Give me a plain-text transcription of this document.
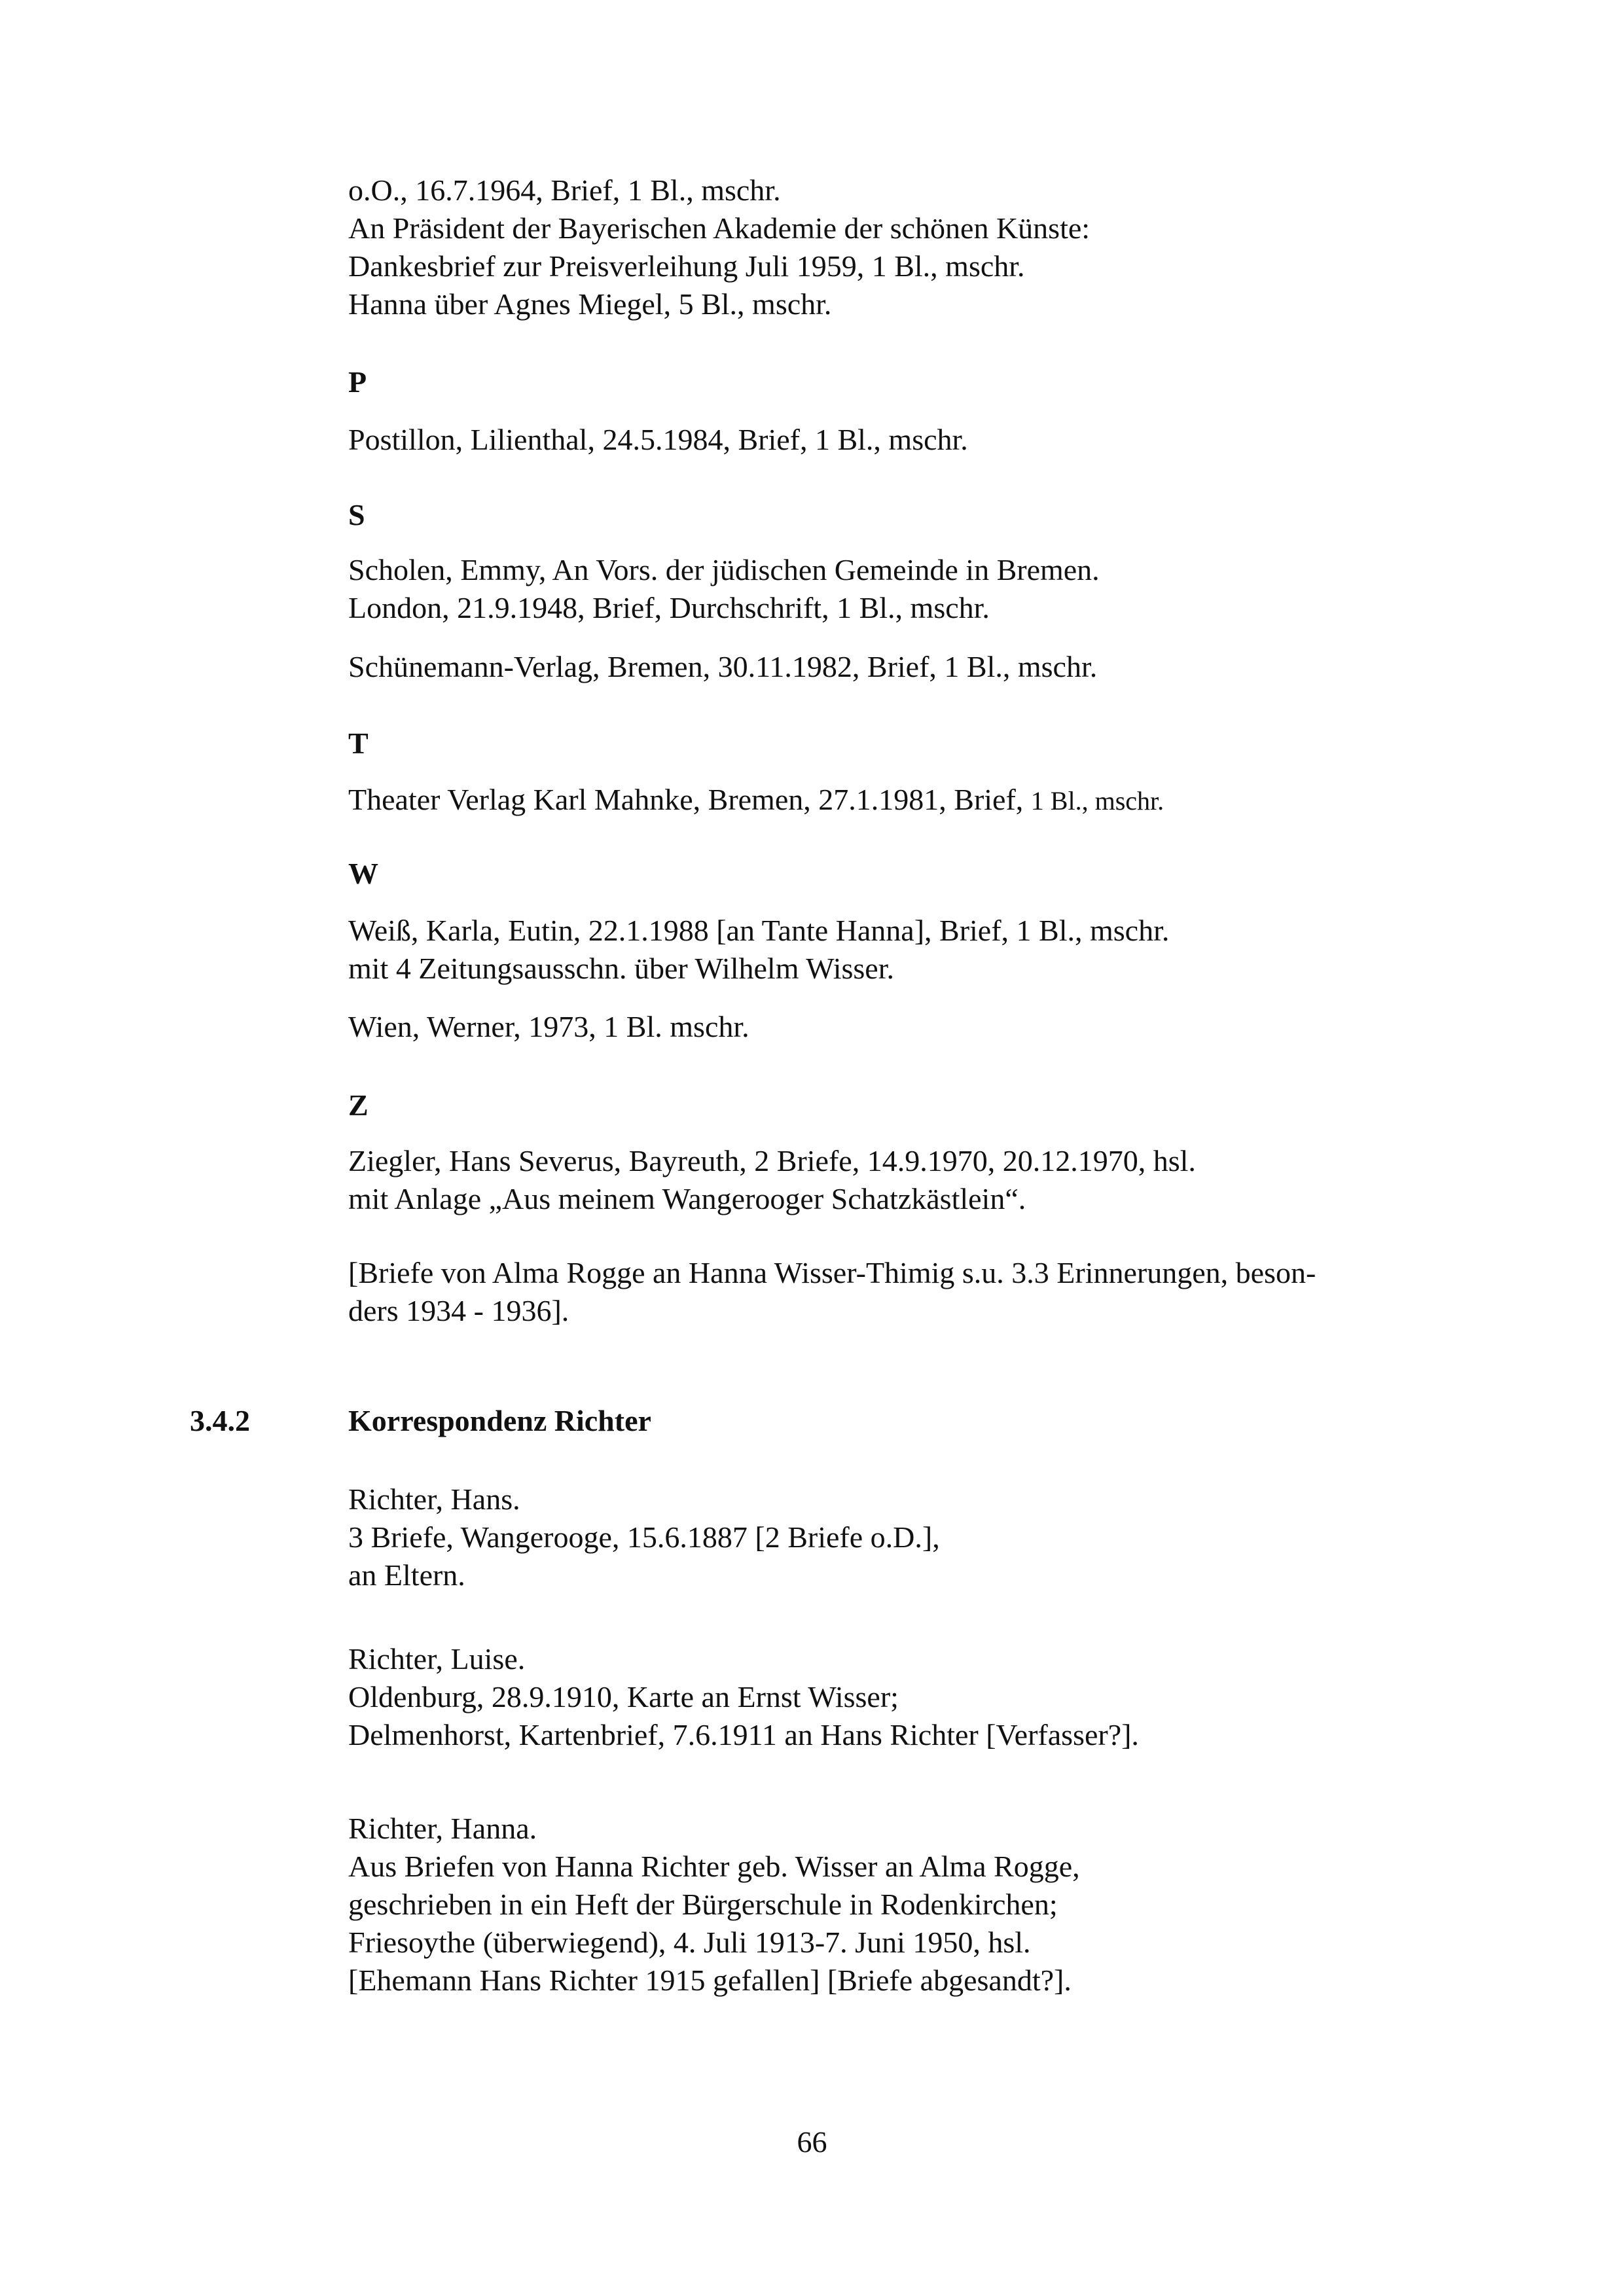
o.O., 16.7.1964, Brief, 1 Bl., mschr.
An Präsident der Bayerischen Akademie der schönen Künste:
Dankesbrief zur Preisverleihung Juli 1959, 1 Bl., mschr.
Hanna über Agnes Miegel, 5 Bl., mschr.
P
Postillon, Lilienthal, 24.5.1984, Brief, 1 Bl., mschr.
S
Scholen, Emmy, An Vors. der jüdischen Gemeinde in Bremen.
London, 21.9.1948, Brief, Durchschrift, 1 Bl., mschr.
Schünemann-Verlag, Bremen, 30.11.1982, Brief, 1 Bl., mschr.
T
Theater Verlag Karl Mahnke, Bremen, 27.1.1981, Brief, 1 Bl., mschr.
W
Weiß, Karla, Eutin, 22.1.1988 [an Tante Hanna], Brief, 1 Bl., mschr.
mit 4 Zeitungsausschn. über Wilhelm Wisser.
Wien, Werner, 1973, 1 Bl. mschr.
Z
Ziegler, Hans Severus, Bayreuth, 2 Briefe, 14.9.1970, 20.12.1970, hsl.
mit Anlage „Aus meinem Wangerooger Schatzkästlein“.
[Briefe von Alma Rogge an Hanna Wisser-Thimig s.u. 3.3 Erinnerungen, beson-
ders 1934 - 1936].
3.4.2	Korrespondenz Richter
Richter, Hans.
3 Briefe, Wangerooge, 15.6.1887 [2 Briefe o.D.],
an Eltern.
Richter, Luise.
Oldenburg, 28.9.1910, Karte an Ernst Wisser;
Delmenhorst, Kartenbrief, 7.6.1911 an Hans Richter [Verfasser?].
Richter, Hanna.
Aus Briefen von Hanna Richter geb. Wisser an Alma Rogge,
geschrieben in ein Heft der Bürgerschule in Rodenkirchen;
Friesoythe (überwiegend), 4. Juli 1913-7. Juni 1950, hsl.
[Ehemann Hans Richter 1915 gefallen] [Briefe abgesandt?].
66
